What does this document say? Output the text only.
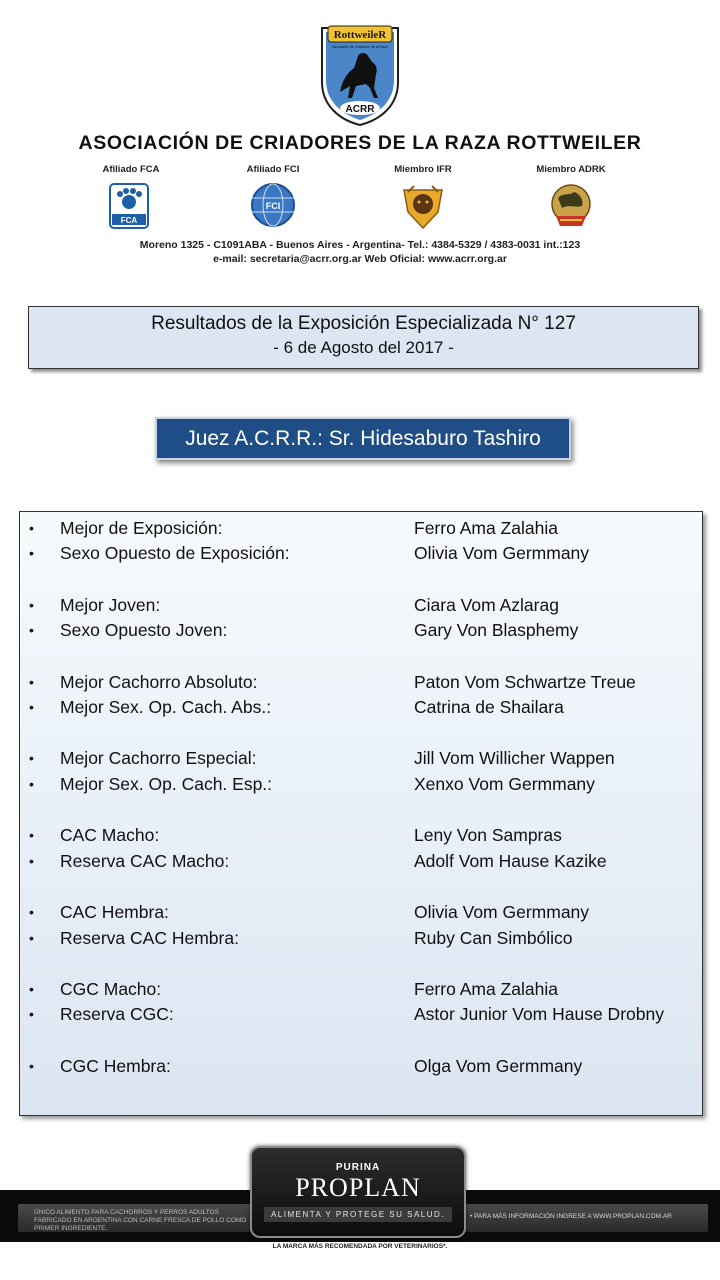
RottweileR
Asociación de Criadores de la Raza
ACRR
ASOCIACIÓN DE CRIADORES DE LA RAZA ROTTWEILER
Afiliado FCA
FCA
Afiliado FCI
FCI
Miembro IFR	Miembro ADRK
Moreno 1325 - C1091ABA - Buenos Aires - Argentina- Tel.: 4384-5329 / 4383-0031 int.:123
e-mail: secretaria@acrr.org.ar Web Oficial: www.acrr.org.ar
Resultados de la Exposición Especializada N° 127
- 6 de Agosto del 2017 -
Juez A.C.R.R.: Sr. Hidesaburo Tashiro
• Mejor de Exposición:	Ferro Ama Zalahia
• Sexo Opuesto de Exposición:	Olivia Vom Germmany
• Mejor Joven:	Ciara Vom Azlarag
• Sexo Opuesto Joven:	Gary Von Blasphemy
• Mejor Cachorro Absoluto:	Paton Vom Schwartze Treue
• Mejor Sex. Op. Cach. Abs.:	Catrina de Shailara
• Mejor Cachorro Especial:	Jill Vom Willicher Wappen
• Mejor Sex. Op. Cach. Esp.:	Xenxo Vom Germmany
• CAC Macho:	Leny Von Sampras
• Reserva CAC Macho:	Adolf Vom Hause Kazike
• CAC Hembra:	Olivia Vom Germmany
• Reserva CAC Hembra:	Ruby Can Simbólico
• CGC Macho:	Ferro Ama Zalahia
• Reserva CGC:	Astor Junior Vom Hause Drobny
• CGC Hembra:	Olga Vom Germmany
ÚNICO ALIMENTO PARA CACHORROS Y PERROS ADULTOS FABRICADO EN ARGENTINA CON CARNE FRESCA DE POLLO COMO PRIMER INGREDIENTE.
• PARA MÁS INFORMACIÓN INGRESE A WWW.PROPLAN.COM.AR
PURINA
PROPLAN
ALIMENTA Y PROTEGE SU SALUD.
LA MARCA MÁS RECOMENDADA POR VETERINARIOS*.
